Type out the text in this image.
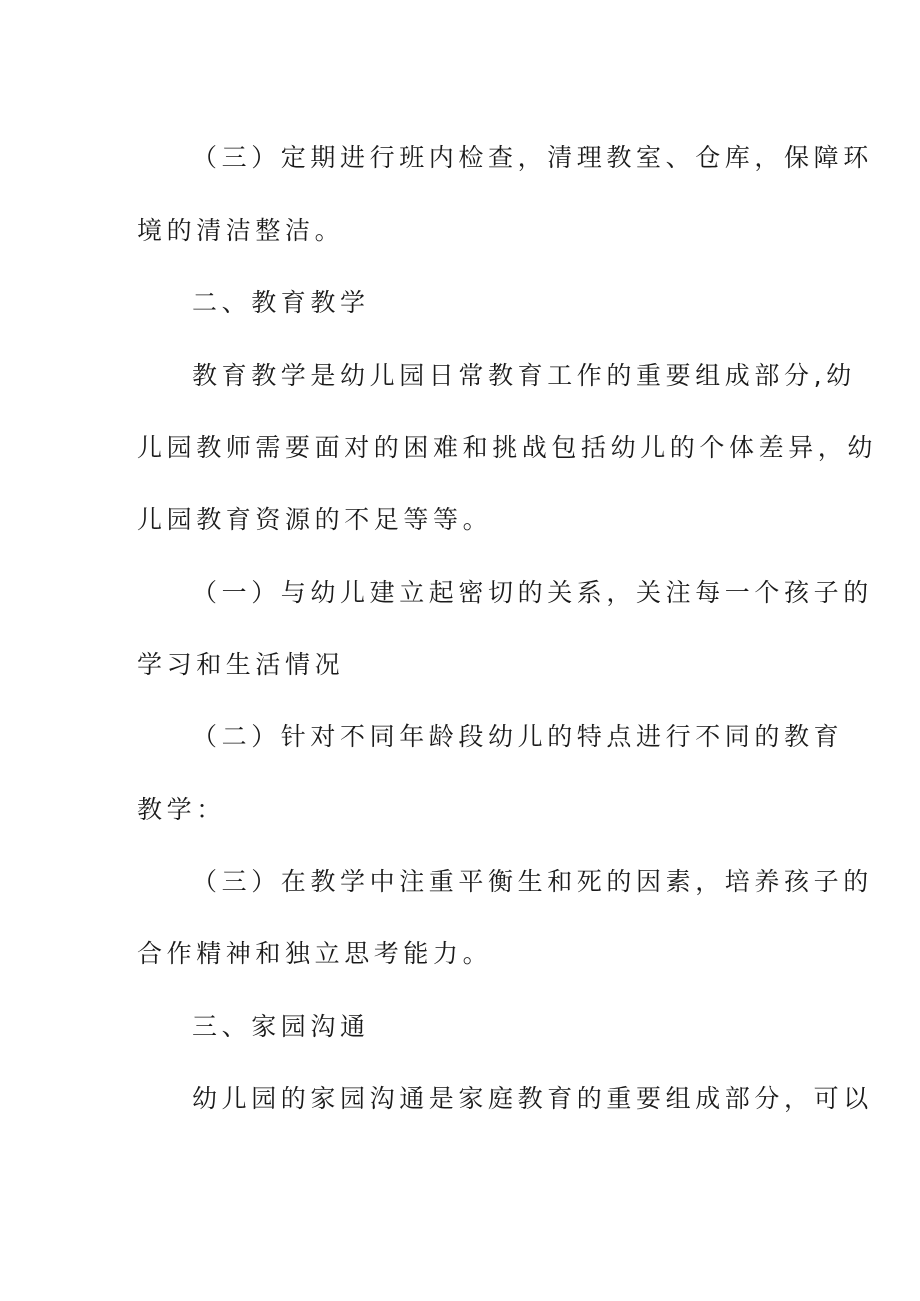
（三）定期进行班内检查，清理教室、仓库，保障环
境的清洁整洁。
二、教育教学
教育教学是幼儿园日常教育工作的重要组成部分,幼
儿园教师需要面对的困难和挑战包括幼儿的个体差异，幼
儿园教育资源的不足等等。
（一）与幼儿建立起密切的关系，关注每一个孩子的
学习和生活情况
（二）针对不同年龄段幼儿的特点进行不同的教育
教学：
（三）在教学中注重平衡生和死的因素，培养孩子的
合作精神和独立思考能力。
三、家园沟通
幼儿园的家园沟通是家庭教育的重要组成部分，可以
